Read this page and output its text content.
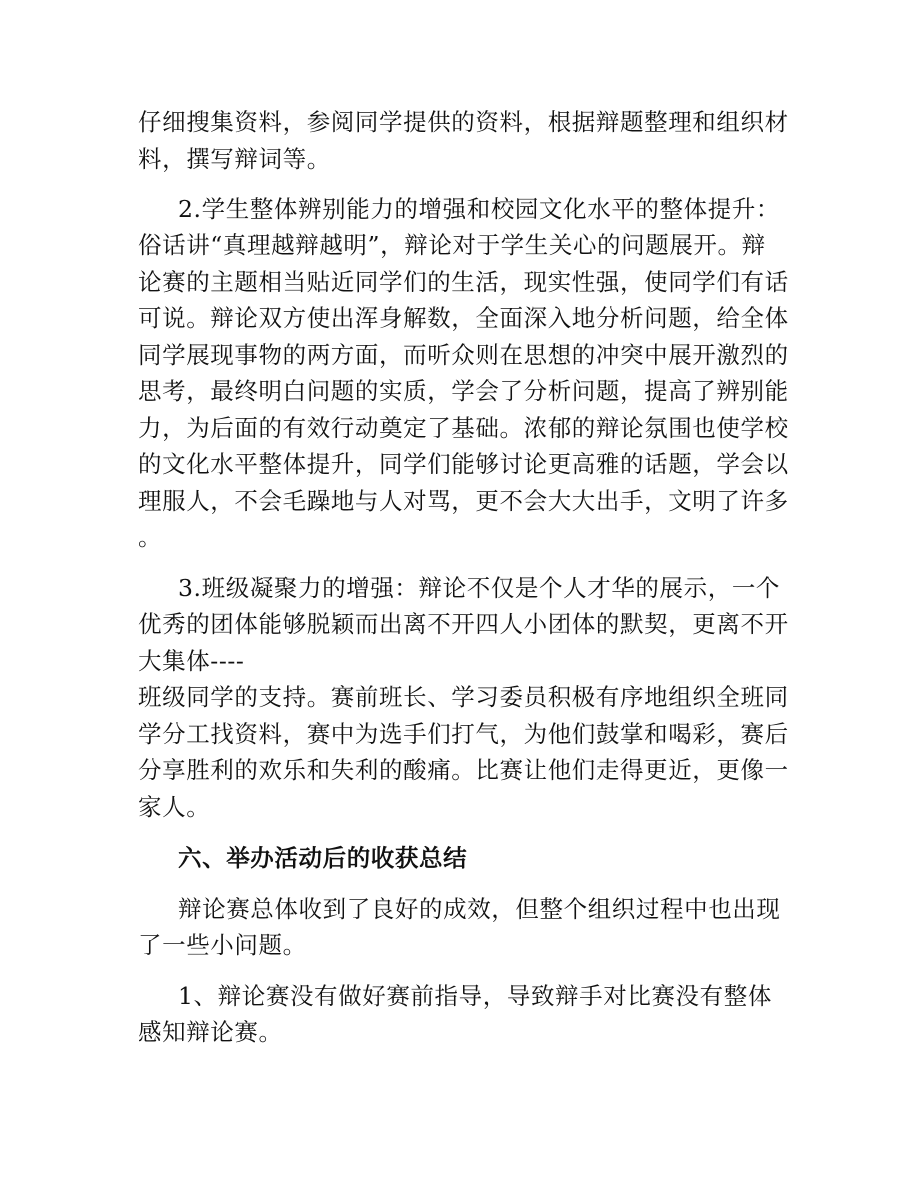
仔细搜集资料，参阅同学提供的资料，根据辩题整理和组织材
料，撰写辩词等。
2.学生整体辨别能力的增强和校园文化水平的整体提升：
俗话讲“真理越辩越明”，辩论对于学生关心的问题展开。辩
论赛的主题相当贴近同学们的生活，现实性强，使同学们有话
可说。辩论双方使出浑身解数，全面深入地分析问题，给全体
同学展现事物的两方面，而听众则在思想的冲突中展开激烈的
思考，最终明白问题的实质，学会了分析问题，提高了辨别能
力，为后面的有效行动奠定了基础。浓郁的辩论氛围也使学校
的文化水平整体提升，同学们能够讨论更高雅的话题，学会以
理服人，不会毛躁地与人对骂，更不会大大出手，文明了许多
。
3.班级凝聚力的增强：辩论不仅是个人才华的展示，一个
优秀的团体能够脱颖而出离不开四人小团体的默契，更离不开
大集体----
班级同学的支持。赛前班长、学习委员积极有序地组织全班同
学分工找资料，赛中为选手们打气，为他们鼓掌和喝彩，赛后
分享胜利的欢乐和失利的酸痛。比赛让他们走得更近，更像一
家人。
六、举办活动后的收获总结
辩论赛总体收到了良好的成效，但整个组织过程中也出现
了一些小问题。
1、辩论赛没有做好赛前指导，导致辩手对比赛没有整体
感知辩论赛。
